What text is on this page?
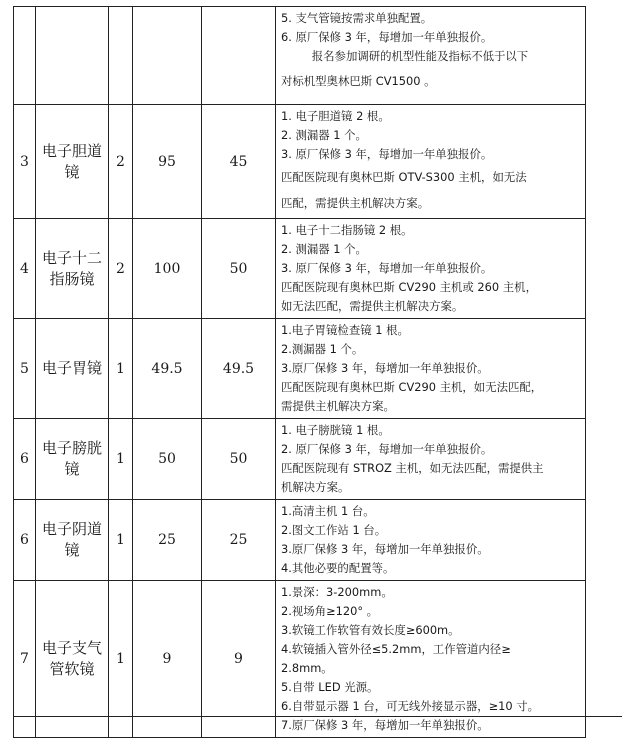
					5. 支气管镜按需求单独配置。
6. 原厂保修 3 年，每增加一年单独报价。
报名参加调研的机型性能及指标不低于以下
对标机型奥林巴斯 CV1500 。

3	电子胆道镜	2	95	45	1. 电子胆道镜 2 根。
2. 测漏器 1 个。
3. 原厂保修 3 年，每增加一年单独报价。
匹配医院现有奥林巴斯 OTV-S300 主机，如无法
匹配，需提供主机解决方案。

4	电子十二指肠镜	2	100	50	1. 电子十二指肠镜 2 根。
2. 测漏器 1 个。
3. 原厂保修 3 年，每增加一年单独报价。
匹配医院现有奥林巴斯 CV290 主机或 260 主机，
如无法匹配，需提供主机解决方案。

5	电子胃镜	1	49.5	49.5	1.电子胃镜检查镜 1 根。
2.测漏器 1 个。
3.原厂保修 3 年，每增加一年单独报价。
匹配医院现有奥林巴斯 CV290 主机，如无法匹配，
需提供主机解决方案。

6	电子膀胱镜	1	50	50	1. 电子膀胱镜 1 根。
2. 原厂保修 3 年，每增加一年单独报价。
匹配医院现有 STROZ 主机，如无法匹配，需提供主
机解决方案。

6	电子阴道镜	1	25	25	1.高清主机 1 台。
2.图文工作站 1 台。
3.原厂保修 3 年，每增加一年单独报价。
4.其他必要的配置等。

7	电子支气管软镜	1	9	9	
1.景深：3-200mm。
2.视场角≥120° 。
3.软镜工作软管有效长度≥600m。
4.软镜插入管外径≤5.2mm，工作管道内径≥
2.8mm。
5.自带 LED 光源。
6.自带显示器 1 台，可无线外接显示器，≥10 寸。
7.原厂保修 3 年，每增加一年单独报价。
